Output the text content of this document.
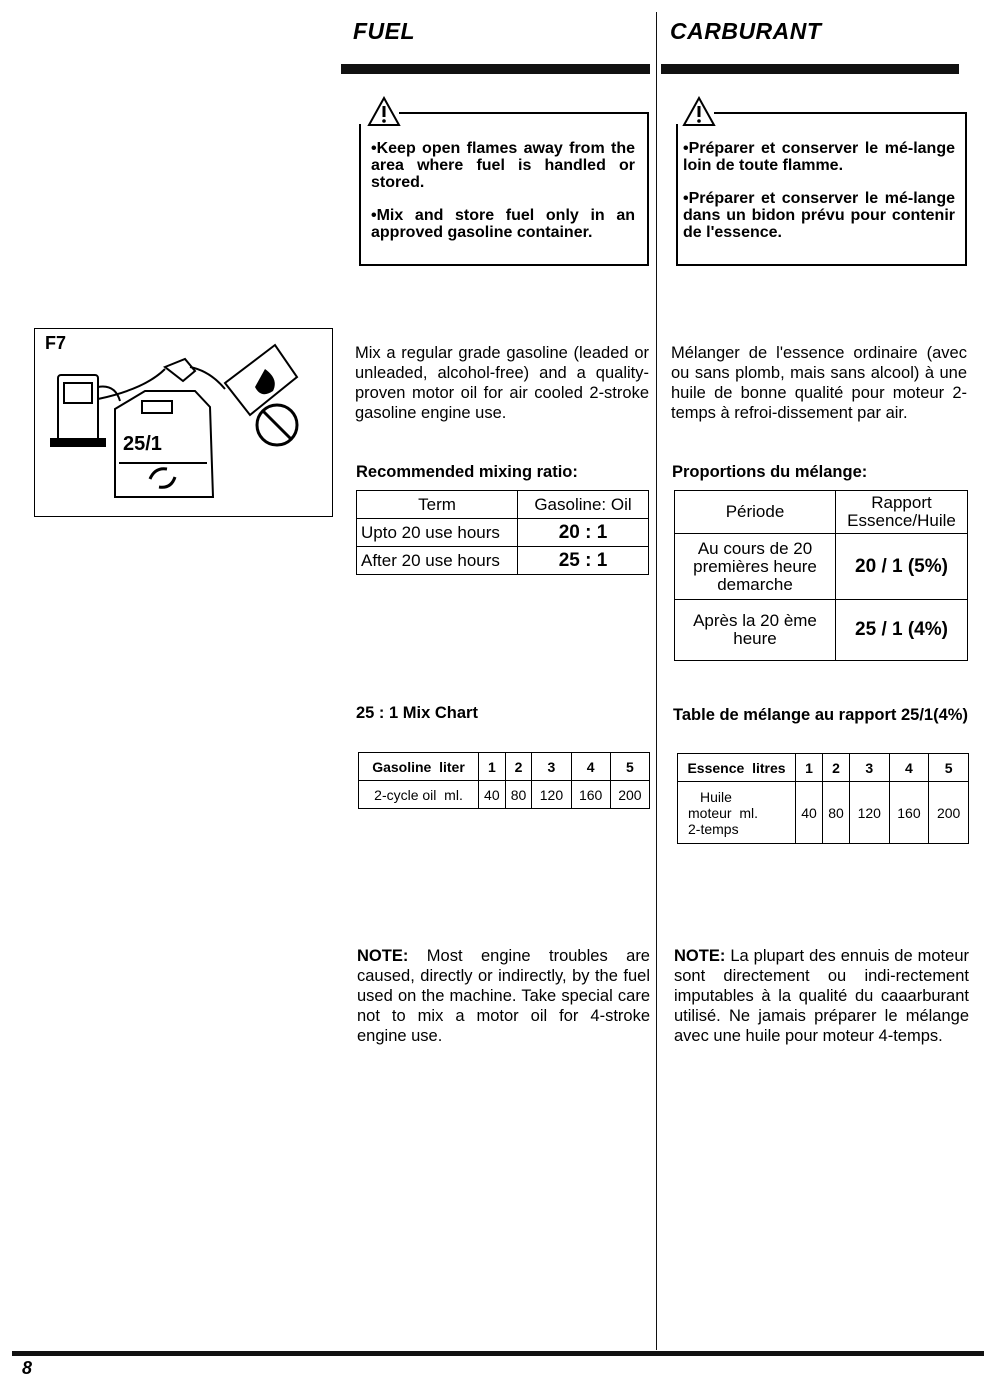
FUEL	CARBURANT

•Keep open flames away from the area where fuel is handled or stored.

•Mix and store fuel only in an approved gasoline container.

•Préparer et conserver le mé-lange loin de toute flamme.

•Préparer et conserver le mé-lange dans un bidon prévu pour contenir de l'essence.

F7
25/1
Mix a regular grade gasoline (leaded or unleaded, alcohol-free) and a quality-proven motor oil for air cooled 2-stroke gasoline engine use.
Recommended mixing ratio:
Term	Gasoline: Oil
Upto 20 use hours	20 : 1
After 20 use hours	25 : 1
Mélanger de l'essence ordinaire (avec ou sans plomb, mais sans alcool) à une huile de bonne qualité pour moteur 2-temps à refroi-dissement par air.
Proportions du mélange:
Période	Rapport
Essence/Huile

Au cours de 20
premières heure
demarche	20 / 1 (5%)

Après la 20 ème
heure	25 / 1 (4%)
25 : 1 Mix Chart
Gasoline  liter	1	2	3	4	5
2-cycle oil  ml.	40	80	120	160	200
Table de mélange au rapport 25/1(4%)
Essence  litres	1	2	3	4	5

Huile
moteur  ml.
2-temps	40	80	120	160	200
NOTE: Most engine troubles are caused, directly or indirectly, by the fuel used on the machine. Take special care not to mix a motor oil for 4-stroke engine use.
NOTE: La plupart des ennuis de moteur sont directement ou indi-rectement imputables à la qualité du caaarburant utilisé. Ne jamais préparer le mélange avec une huile pour moteur 4-temps.
8
